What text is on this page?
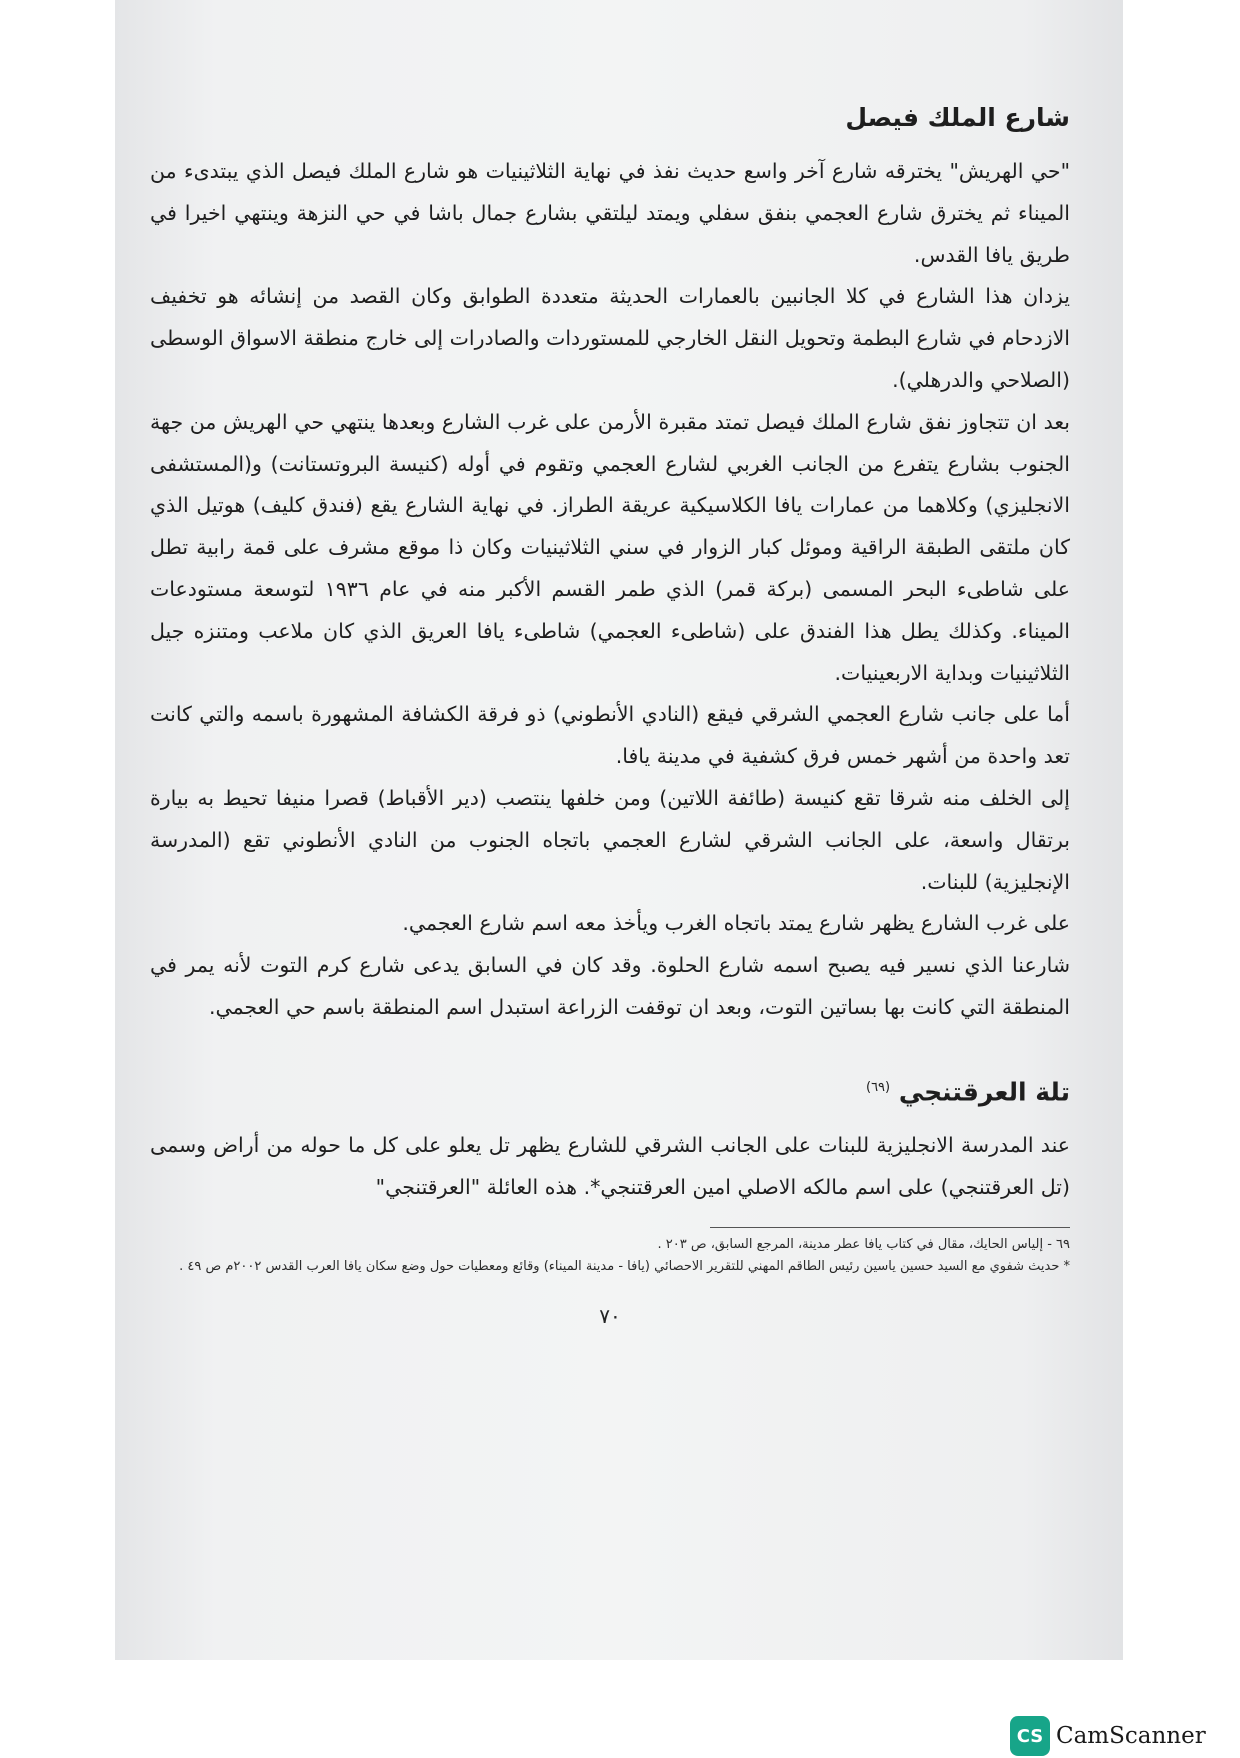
شارع الملك فيصل

"حي الهريش" يخترقه شارع آخر واسع حديث نفذ في نهاية الثلاثينيات هو شارع الملك فيصل الذي يبتدىء من الميناء ثم يخترق شارع العجمي بنفق سفلي ويمتد ليلتقي بشارع جمال باشا في حي النزهة وينتهي اخيرا في طريق يافا القدس.

يزدان هذا الشارع في كلا الجانبين بالعمارات الحديثة متعددة الطوابق وكان القصد من إنشائه هو تخفيف الازدحام في شارع البطمة وتحويل النقل الخارجي للمستوردات والصادرات إلى خارج منطقة الاسواق الوسطى (الصلاحي والدرهلي).

بعد ان تتجاوز نفق شارع الملك فيصل تمتد مقبرة الأرمن على غرب الشارع وبعدها ينتهي حي الهريش من جهة الجنوب بشارع يتفرع من الجانب الغربي لشارع العجمي وتقوم في أوله (كنيسة البروتستانت) و(المستشفى الانجليزي) وكلاهما من عمارات يافا الكلاسيكية عريقة الطراز. في نهاية الشارع يقع (فندق كليف) هوتيل الذي كان ملتقى الطبقة الراقية وموئل كبار الزوار في سني الثلاثينيات وكان ذا موقع مشرف على قمة رابية تطل على شاطىء البحر المسمى (بركة قمر) الذي طمر القسم الأكبر منه في عام ١٩٣٦ لتوسعة مستودعات الميناء. وكذلك يطل هذا الفندق على (شاطىء العجمي) شاطىء يافا العريق الذي كان ملاعب ومتنزه جيل الثلاثينيات وبداية الاربعينيات.

أما على جانب شارع العجمي الشرقي فيقع (النادي الأنطوني) ذو فرقة الكشافة المشهورة باسمه والتي كانت تعد واحدة من أشهر خمس فرق كشفية في مدينة يافا.

إلى الخلف منه شرقا تقع كنيسة (طائفة اللاتين) ومن خلفها ينتصب (دير الأقباط) قصرا منيفا تحيط به بيارة برتقال واسعة، على الجانب الشرقي لشارع العجمي باتجاه الجنوب من النادي الأنطوني تقع (المدرسة الإنجليزية) للبنات.

على غرب الشارع يظهر شارع يمتد باتجاه الغرب ويأخذ معه اسم شارع العجمي.

شارعنا الذي نسير فيه يصبح اسمه شارع الحلوة. وقد كان في السابق يدعى شارع كرم التوت لأنه يمر في المنطقة التي كانت بها بساتين التوت، وبعد ان توقفت الزراعة استبدل اسم المنطقة باسم حي العجمي.

تلة العرقتنجي $^{(٦٩)}$

عند المدرسة الانجليزية للبنات على الجانب الشرقي للشارع يظهر تل يعلو على كل ما حوله من أراض وسمى (تل العرقتنجي) على اسم مالكه الاصلي امين العرقتنجي*. هذه العائلة "العرقتنجي"

٦٩ - إلياس الحايك، مقال في كتاب يافا عطر مدينة، المرجع السابق، ص ٢٠٣ .

* حديث شفوي مع السيد حسين ياسين رئيس الطاقم المهني للتقرير الاحصائي (يافا - مدينة الميناء) وقائع ومعطيات حول وضع سكان يافا العرب القدس ٢٠٠٢م ص ٤٩ .

٧٠
CS CamScanner
